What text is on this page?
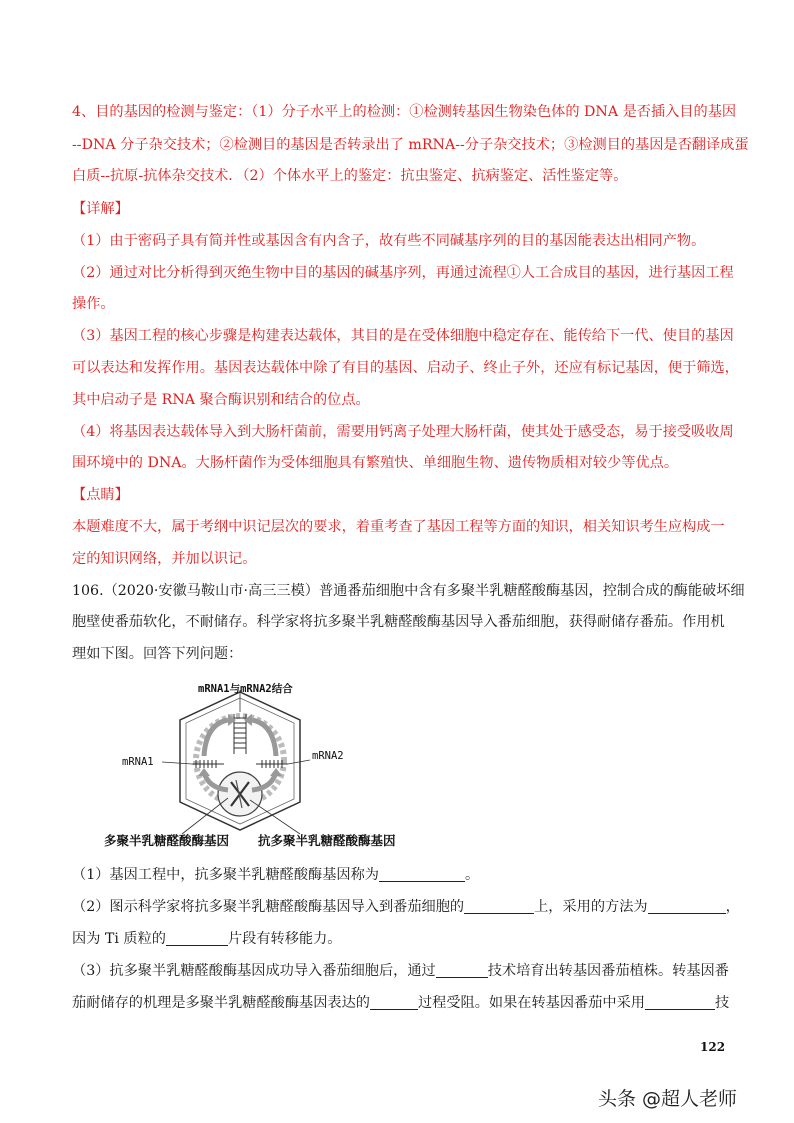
4、目的基因的检测与鉴定：（1）分子水平上的检测：①检测转基因生物染色体的 DNA 是否插入目的基因
--DNA 分子杂交技术；②检测目的基因是否转录出了 mRNA--分子杂交技术；③检测目的基因是否翻译成蛋
白质--抗原-抗体杂交技术．（2）个体水平上的鉴定：抗虫鉴定、抗病鉴定、活性鉴定等。
【详解】
（1）由于密码子具有简并性或基因含有内含子，故有些不同碱基序列的目的基因能表达出相同产物。
（2）通过对比分析得到灭绝生物中目的基因的碱基序列，再通过流程①人工合成目的基因，进行基因工程
操作。
（3）基因工程的核心步骤是构建表达载体，其目的是在受体细胞中稳定存在、能传给下一代、使目的基因
可以表达和发挥作用。基因表达载体中除了有目的基因、启动子、终止子外，还应有标记基因，便于筛选，
其中启动子是 RNA 聚合酶识别和结合的位点。
（4）将基因表达载体导入到大肠杆菌前，需要用钙离子处理大肠杆菌，使其处于感受态，易于接受吸收周
围环境中的 DNA。大肠杆菌作为受体细胞具有繁殖快、单细胞生物、遗传物质相对较少等优点。
【点睛】
本题难度不大，属于考纲中识记层次的要求，着重考查了基因工程等方面的知识，相关知识考生应构成一
定的知识网络，并加以识记。
106.（2020·安徽马鞍山市·高三三模）普通番茄细胞中含有多聚半乳糖醛酸酶基因，控制合成的酶能破坏细
胞壁使番茄软化，不耐储存。科学家将抗多聚半乳糖醛酸酶基因导入番茄细胞，获得耐储存番茄。作用机
理如下图。回答下列问题：
mRNA1与mRNA2结合
mRNA1	mRNA2
多聚半乳糖醛酸酶基因 抗多聚半乳糖醛酸酶基因
（1）基因工程中，抗多聚半乳糖醛酸酶基因称为	。
（2）图示科学家将抗多聚半乳糖醛酸酶基因导入到番茄细胞的	上，采用的方法为	，
因为 Ti 质粒的	片段有转移能力。
（3）抗多聚半乳糖醛酸酶基因成功导入番茄细胞后，通过	技术培育出转基因番茄植株。转基因番
茄耐储存的机理是多聚半乳糖醛酸酶基因表达的	过程受阻。如果在转基因番茄中采用	技
122
头条 @超人老师
